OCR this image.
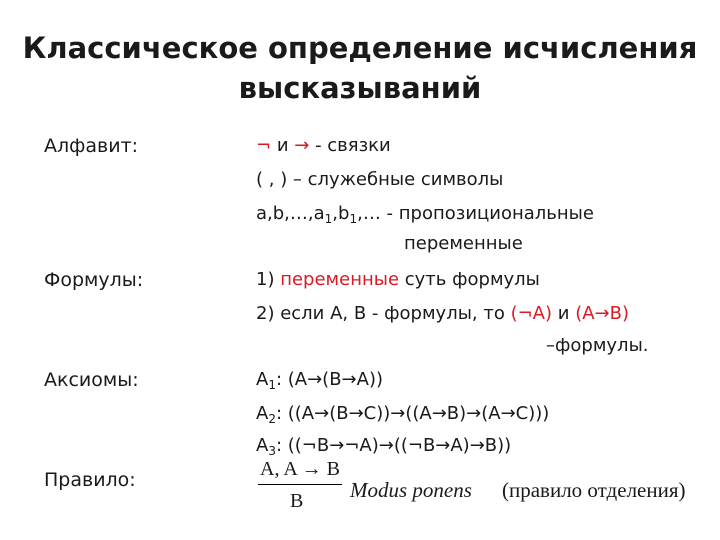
Классическое определение исчисления
высказываний
Алфавит:
Формулы:
Аксиомы:
Правило:
¬ и → - связки
( , ) – служебные символы
$a,b,\dots,a_1,b_1,\dots$ - пропозициональные
переменные
1) переменные суть формулы
2) если A, B - формулы, то (¬A) и (A→B)
–формулы.
$A_1$: (A→(B→A))
$A_2$: ((A→(B→C))→((A→B)→(A→C)))
$A_3$: ((¬B→¬A)→((¬B→A)→B))
A, A → B
B Modus ponens (правило отделения)
